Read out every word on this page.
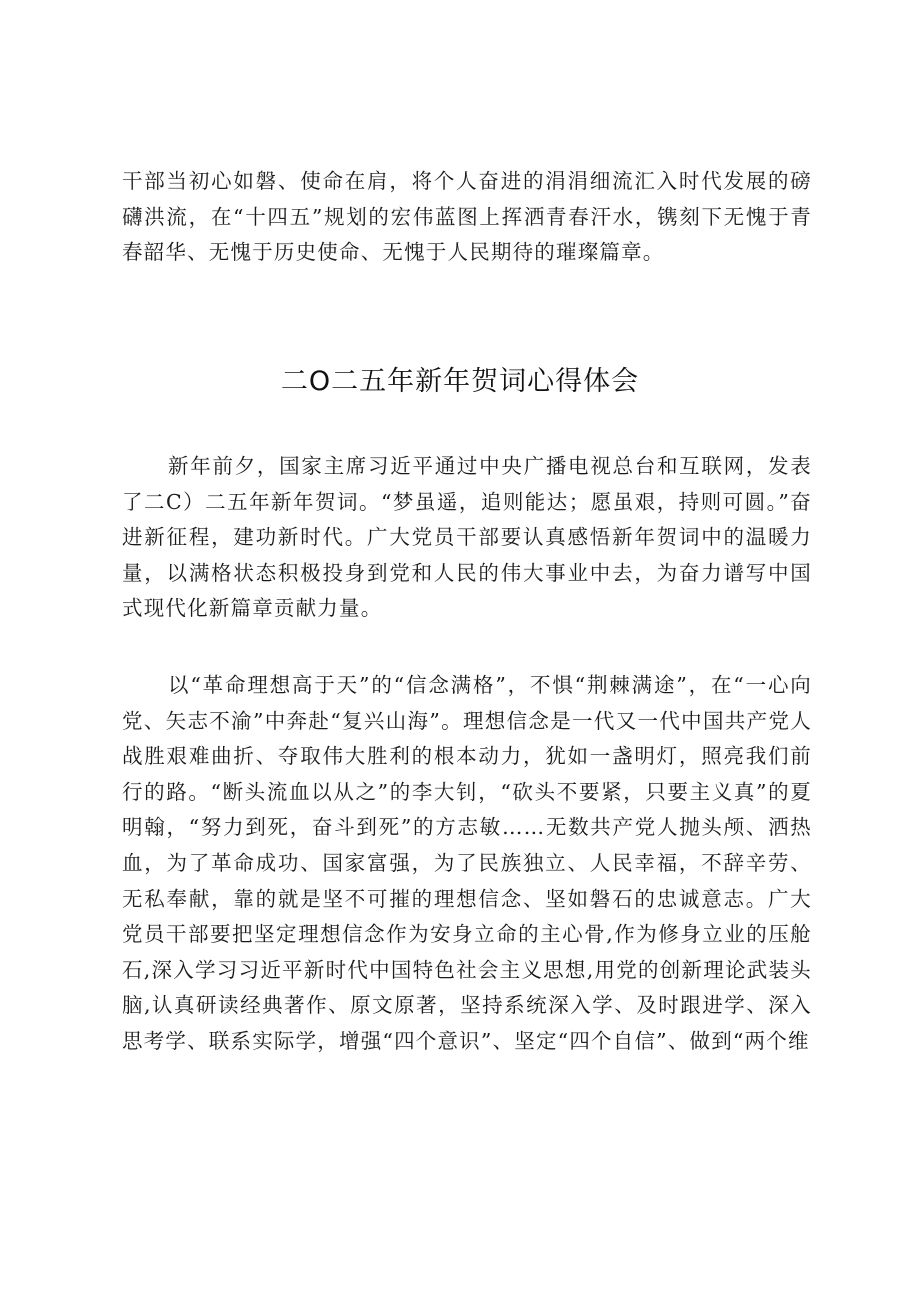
干部当初心如磐、使命在肩，将个人奋进的涓涓细流汇入时代发展的磅礴洪流，在“十四五”规划的宏伟蓝图上挥洒青春汗水，镌刻下无愧于青春韶华、无愧于历史使命、无愧于人民期待的璀璨篇章。

二O二五年新年贺词心得体会

新年前夕，国家主席习近平通过中央广播电视总台和互联网，发表了二C）二五年新年贺词。“梦虽遥，追则能达；愿虽艰，持则可圆。”奋进新征程，建功新时代。广大党员干部要认真感悟新年贺词中的温暖力量，以满格状态积极投身到党和人民的伟大事业中去，为奋力谱写中国式现代化新篇章贡献力量。

以“革命理想高于天”的“信念满格”，不惧“荆棘满途”，在“一心向党、矢志不渝”中奔赴“复兴山海”。理想信念是一代又一代中国共产党人战胜艰难曲折、夺取伟大胜利的根本动力，犹如一盏明灯，照亮我们前行的路。“断头流血以从之”的李大钊，“砍头不要紧，只要主义真”的夏明翰，“努力到死，奋斗到死”的方志敏……无数共产党人抛头颅、洒热血，为了革命成功、国家富强，为了民族独立、人民幸福，不辞辛劳、无私奉献，靠的就是坚不可摧的理想信念、坚如磐石的忠诚意志。广大党员干部要把坚定理想信念作为安身立命的主心骨,作为修身立业的压舱石,深入学习习近平新时代中国特色社会主义思想,用党的创新理论武装头脑,认真研读经典著作、原文原著，坚持系统深入学、及时跟进学、深入思考学、联系实际学，增强“四个意识”、坚定“四个自信”、做到“两个维
